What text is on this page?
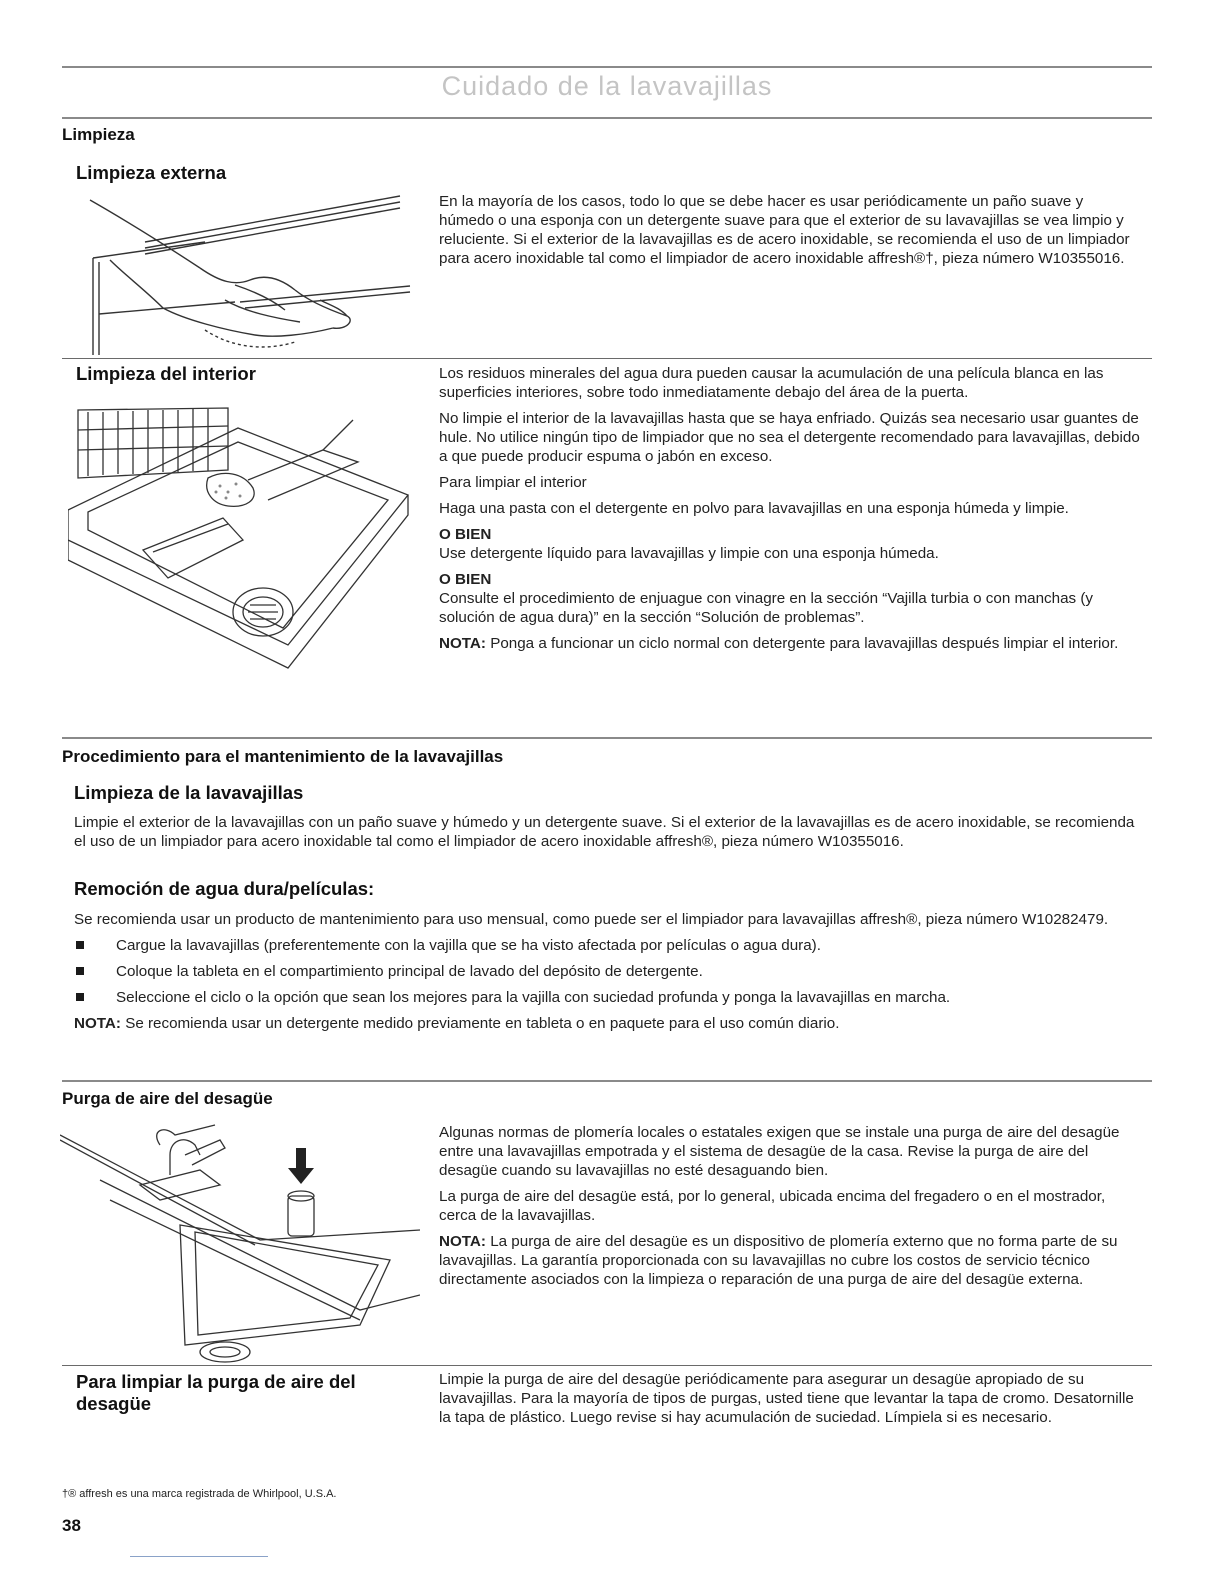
Cuidado de la lavavajillas
Limpieza
Limpieza externa
En la mayoría de los casos, todo lo que se debe hacer es usar periódicamente un paño suave y húmedo o una esponja con un detergente suave para que el exterior de su lavavajillas se vea limpio y reluciente. Si el exterior de la lavavajillas es de acero inoxidable, se recomienda el uso de un limpiador para acero inoxidable tal como el limpiador de acero inoxidable affresh®†, pieza número W10355016.
Limpieza del interior	Los residuos minerales del agua dura pueden causar la acumulación de una película blanca en las superficies interiores, sobre todo inmediatamente debajo del área de la puerta.

No limpie el interior de la lavavajillas hasta que se haya enfriado. Quizás sea necesario usar guantes de hule. No utilice ningún tipo de limpiador que no sea el detergente recomendado para lavavajillas, debido a que puede producir espuma o jabón en exceso.

Para limpiar el interior

Haga una pasta con el detergente en polvo para lavavajillas en una esponja húmeda y limpie.

O BIEN

Use detergente líquido para lavavajillas y limpie con una esponja húmeda.

O BIEN

Consulte el procedimiento de enjuague con vinagre en la sección “Vajilla turbia o con manchas (y solución de agua dura)” en la sección “Solución de problemas”.

NOTA: Ponga a funcionar un ciclo normal con detergente para lavavajillas después limpiar el interior.

Procedimiento para el mantenimiento de la lavavajillas
Limpieza de la lavavajillas
Limpie el exterior de la lavavajillas con un paño suave y húmedo y un detergente suave. Si el exterior de la lavavajillas es de acero inoxidable, se recomienda el uso de un limpiador para acero inoxidable tal como el limpiador de acero inoxidable affresh®, pieza número W10355016.
Remoción de agua dura/películas:

Se recomienda usar un producto de mantenimiento para uso mensual, como puede ser el limpiador para lavavajillas affresh®, pieza número W10282479.

Cargue la lavavajillas (preferentemente con la vajilla que se ha visto afectada por películas o agua dura).
Coloque la tableta en el compartimiento principal de lavado del depósito de detergente.
Seleccione el ciclo o la opción que sean los mejores para la vajilla con suciedad profunda y ponga la lavavajillas en marcha.

NOTA: Se recomienda usar un detergente medido previamente en tableta o en paquete para el uso común diario.

Purga de aire del desagüe

Algunas normas de plomería locales o estatales exigen que se instale una purga de aire del desagüe entre una lavavajillas empotrada y el sistema de desagüe de la casa. Revise la purga de aire del desagüe cuando su lavavajillas no esté desaguando bien.

La purga de aire del desagüe está, por lo general, ubicada encima del fregadero o en el mostrador, cerca de la lavavajillas.

NOTA: La purga de aire del desagüe es un dispositivo de plomería externo que no forma parte de su lavavajillas. La garantía proporcionada con su lavavajillas no cubre los costos de servicio técnico directamente asociados con la limpieza o reparación de una purga de aire del desagüe externa.

Para limpiar la purga de aire del desagüe
Limpie la purga de aire del desagüe periódicamente para asegurar un desagüe apropiado de su lavavajillas. Para la mayoría de tipos de purgas, usted tiene que levantar la tapa de cromo. Desatornille la tapa de plástico. Luego revise si hay acumulación de suciedad. Límpiela si es necesario.
†® affresh es una marca registrada de Whirlpool, U.S.A.
38
